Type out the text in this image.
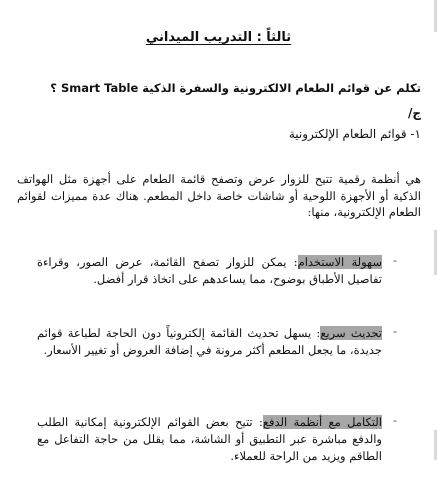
ثالثاً : التدريب الميداني
تكلم عن قوائم الطعام الالكترونية والسفرة الذكية Smart Table ؟
ج/
١- قوائم الطعام الإلكترونية
هي أنظمة رقمية تتيح للزوار عرض وتصفح قائمة الطعام على أجهزة مثل الهواتف الذكية أو الأجهزة اللوحية أو شاشات خاصة داخل المطعم. هناك عدة مميزات لقوائم الطعام الإلكترونية، منها:
-
سهولة الاستخدام: يمكن للزوار تصفح القائمة، عرض الصور، وقراءة تفاصيل الأطباق بوضوح، مما يساعدهم على اتخاذ قرار أفضل.
-
تحديث سريع: يسهل تحديث القائمة إلكترونياً دون الحاجة لطباعة قوائم جديدة، ما يجعل المطعم أكثر مرونة في إضافة العروض أو تغيير الأسعار.
-
التكامل مع أنظمة الدفع: تتيح بعض القوائم الإلكترونية إمكانية الطلب والدفع مباشرة عبر التطبيق أو الشاشة، مما يقلل من حاجة التفاعل مع الطاقم ويزيد من الراحة للعملاء.
